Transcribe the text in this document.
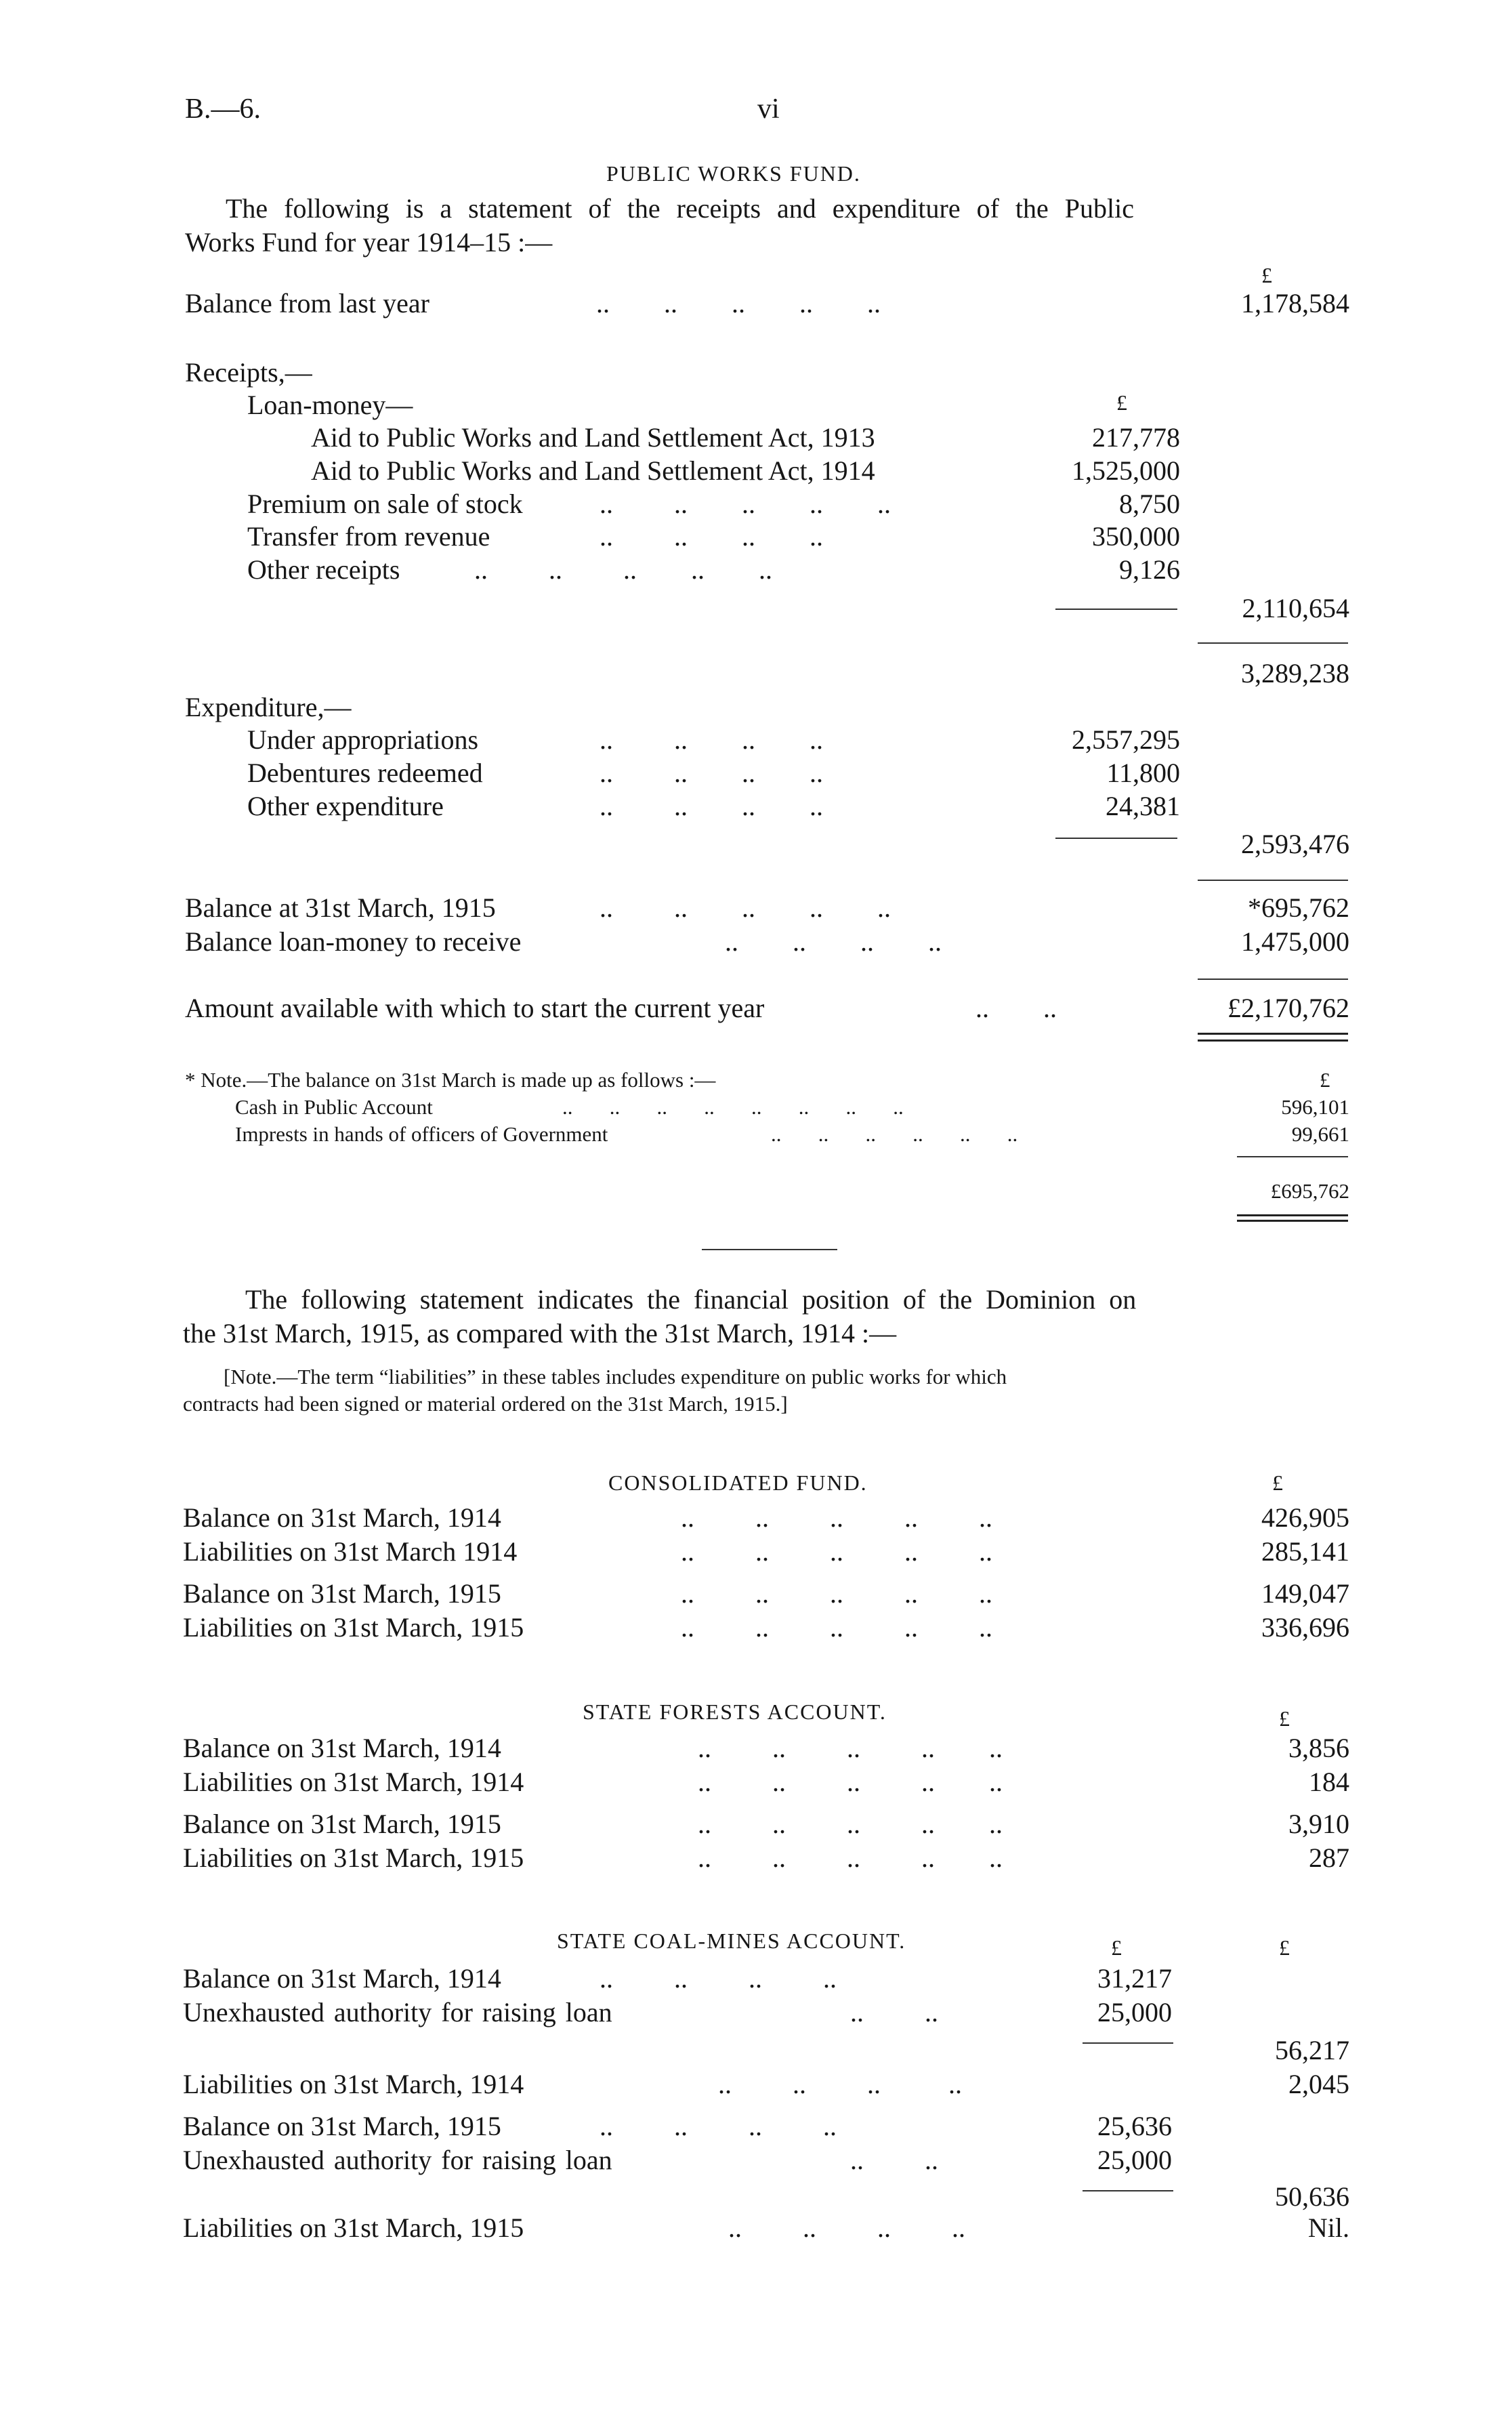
B.—6.	vi
PUBLIC WORKS FUND.
The following is a statement of the receipts and expenditure of the Public
Works Fund for year 1914–15 :—
£
Balance from last year	..        ..        ..        ..        ..	1,178,584
Receipts,—
Loan-money—	£
Aid to Public Works and Land Settlement Act, 1913	217,778
Aid to Public Works and Land Settlement Act, 1914	1,525,000
Premium on sale of stock	..         ..        ..        ..        ..	8,750
Transfer from revenue	..         ..        ..        ..	350,000
Other receipts	..         ..         ..        ..        ..	9,126
2,110,654
3,289,238
Expenditure,—
Under appropriations	..         ..        ..        ..	2,557,295
Debentures redeemed	..         ..        ..        ..	11,800
Other expenditure	..         ..        ..        ..	24,381
2,593,476
Balance at 31st March, 1915	..         ..        ..        ..        ..	*695,762
Balance loan-money to receive	..        ..        ..        ..	1,475,000
Amount available with which to start the current year	..        ..	£2,170,762
* Note.—The balance on 31st March is made up as follows :—	£
Cash in Public Account	..       ..       ..       ..       ..       ..       ..       ..	596,101
Imprests in hands of officers of Government	..       ..       ..       ..       ..       ..	99,661
£695,762
The following statement indicates the financial position of the Dominion on
the 31st March, 1915, as compared with the 31st March, 1914 :—
[Note.—The term “liabilities” in these tables includes expenditure on public works for which
contracts had been signed or material ordered on the 31st March, 1915.]
CONSOLIDATED FUND.	£
Balance on 31st March, 1914	..         ..         ..         ..         ..	426,905
Liabilities on 31st March 1914	..         ..         ..         ..         ..	285,141
Balance on 31st March, 1915	..         ..         ..         ..         ..	149,047
Liabilities on 31st March, 1915	..         ..         ..         ..         ..	336,696
STATE FORESTS ACCOUNT.	£
Balance on 31st March, 1914	..         ..         ..         ..        ..	3,856
Liabilities on 31st March, 1914	..         ..         ..         ..        ..	184
Balance on 31st March, 1915	..         ..         ..         ..        ..	3,910
Liabilities on 31st March, 1915	..         ..         ..         ..        ..	287
STATE COAL-MINES ACCOUNT.	£	£
Balance on 31st March, 1914	..         ..         ..         ..	31,217
Unexhausted authority for raising loan	..         ..	25,000
56,217
Liabilities on 31st March, 1914	..         ..         ..          ..	2,045
Balance on 31st March, 1915	..         ..         ..         ..	25,636
Unexhausted authority for raising loan	..         ..	25,000
50,636
Liabilities on 31st March, 1915	..         ..         ..         ..	Nil.
